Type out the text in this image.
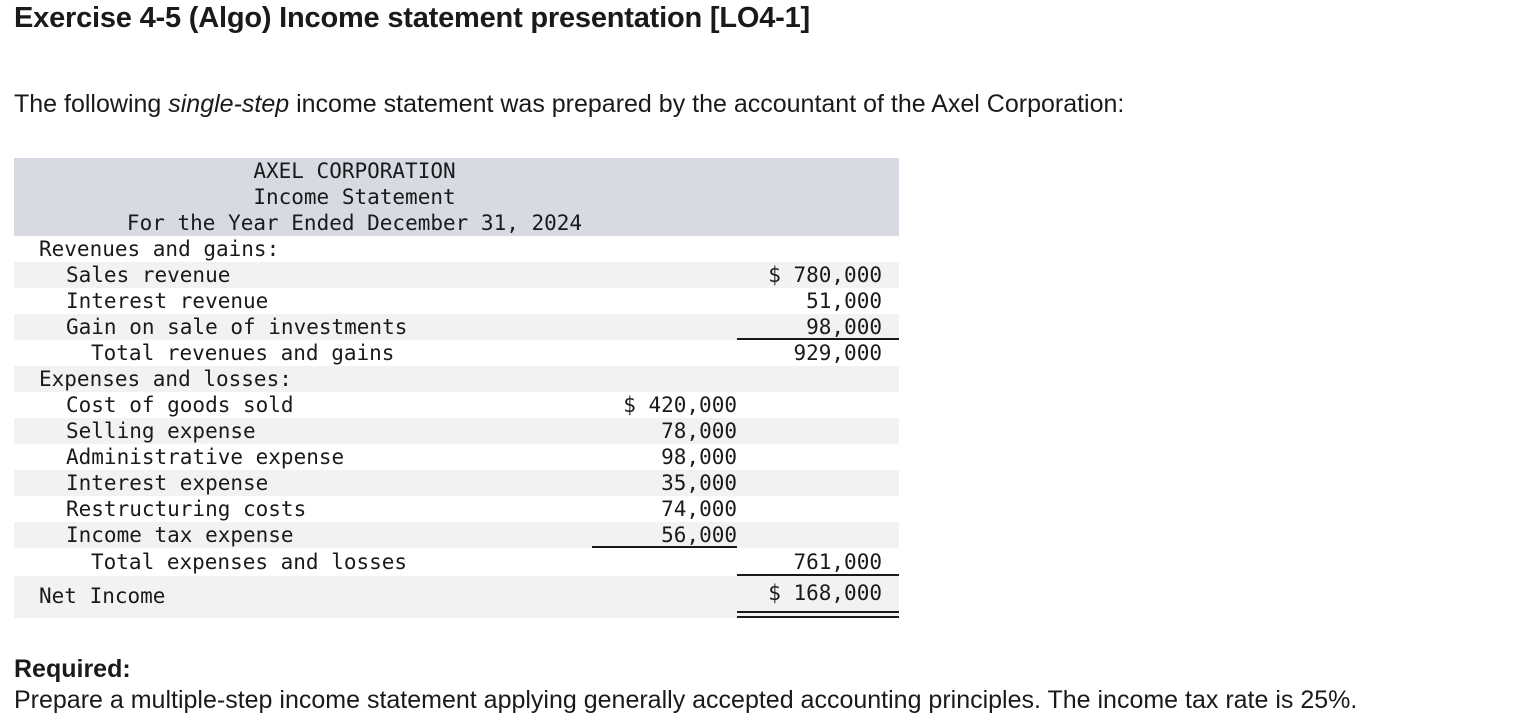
Exercise 4-5 (Algo) Income statement presentation [LO4-1]
The following single-step income statement was prepared by the accountant of the Axel Corporation:
AXEL CORPORATION
Income Statement
For the Year Ended December 31, 2024
Revenues and gains:
Sales revenue	$ 780,000
Interest revenue	51,000
Gain on sale of investments	98,000
Total revenues and gains	929,000
Expenses and losses:
Cost of goods sold	$ 420,000
Selling expense	78,000
Administrative expense	98,000
Interest expense	35,000
Restructuring costs	74,000
Income tax expense	56,000
Total expenses and losses	761,000
Net Income	$ 168,000
Required:
Prepare a multiple-step income statement applying generally accepted accounting principles. The income tax rate is 25%.
